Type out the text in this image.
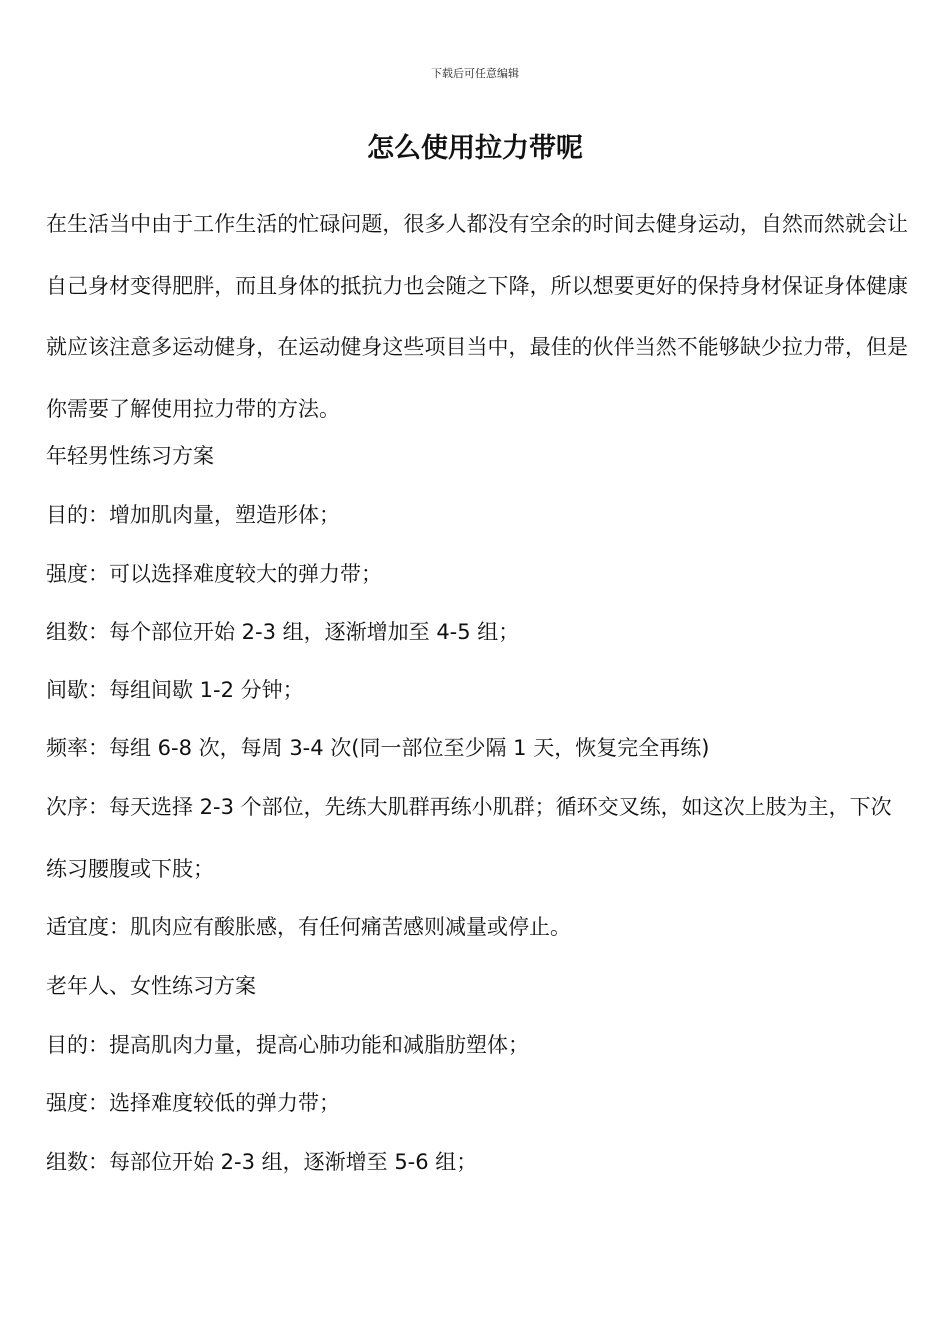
下载后可任意编辑
怎么使用拉力带呢

在生活当中由于工作生活的忙碌问题，很多人都没有空余的时间去健身运动，自然而然就会让自己身材变得肥胖，而且身体的抵抗力也会随之下降，所以想要更好的保持身材保证身体健康就应该注意多运动健身，在运动健身这些项目当中，最佳的伙伴当然不能够缺少拉力带，但是你需要了解使用拉力带的方法。

年轻男性练习方案

目的：增加肌肉量，塑造形体；

强度：可以选择难度较大的弹力带；

组数：每个部位开始 2-3 组，逐渐增加至 4-5 组；

间歇：每组间歇 1-2 分钟；

频率：每组 6-8 次，每周 3-4 次(同一部位至少隔 1 天，恢复完全再练)

次序：每天选择 2-3 个部位，先练大肌群再练小肌群；循环交叉练，如这次上肢为主，下次练习腰腹或下肢；

适宜度：肌肉应有酸胀感，有任何痛苦感则减量或停止。

老年人、女性练习方案

目的：提高肌肉力量，提高心肺功能和减脂肪塑体；

强度：选择难度较低的弹力带；

组数：每部位开始 2-3 组，逐渐增至 5-6 组；
